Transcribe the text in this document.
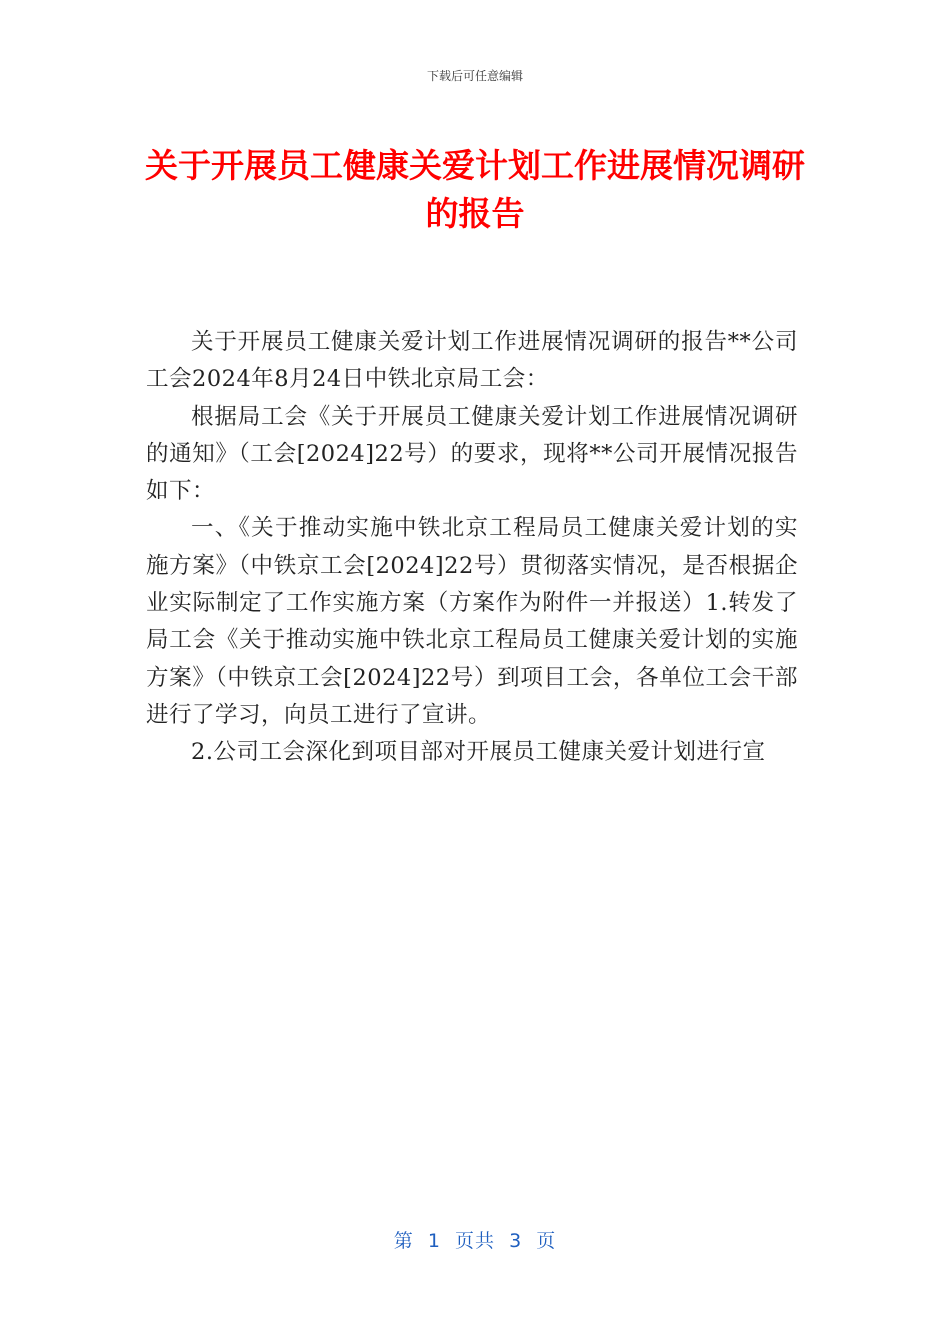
下载后可任意编辑
关于开展员工健康关爱计划工作进展情况调研的报告

关于开展员工健康关爱计划工作进展情况调研的报告**公司工会2024年8月24日中铁北京局工会：

根据局工会《关于开展员工健康关爱计划工作进展情况调研的通知》（工会[2024]22号）的要求，现将**公司开展情况报告如下：

一、《关于推动实施中铁北京工程局员工健康关爱计划的实施方案》（中铁京工会[2024]22号）贯彻落实情况，是否根据企业实际制定了工作实施方案（方案作为附件一并报送）1.转发了局工会《关于推动实施中铁北京工程局员工健康关爱计划的实施方案》（中铁京工会[2024]22号）到项目工会，各单位工会干部进行了学习，向员工进行了宣讲。

2.公司工会深化到项目部对开展员工健康关爱计划进行宣

第  1  页共  3  页
